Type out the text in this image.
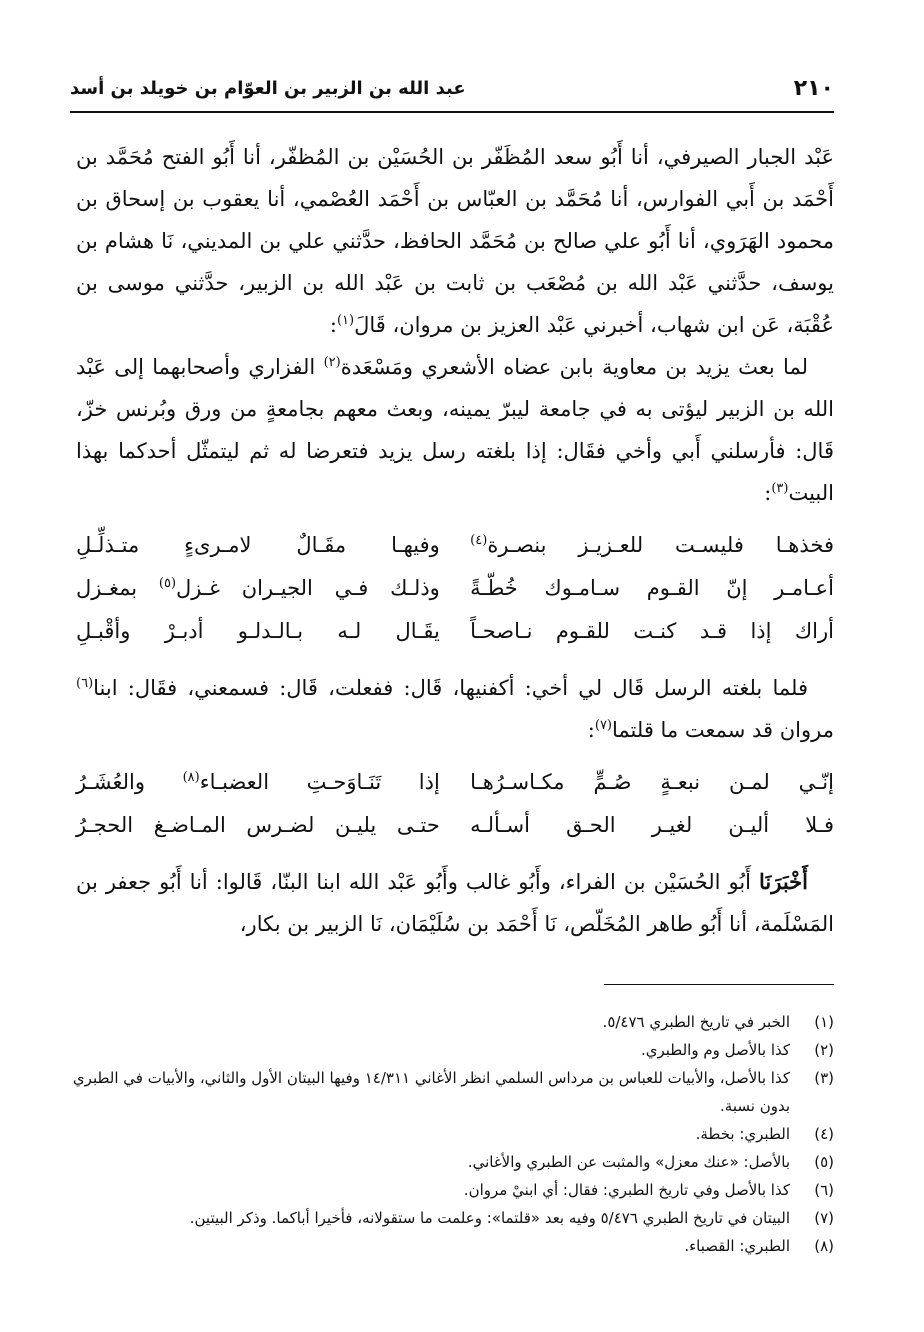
٢١٠
عبد الله بن الزبير بن العوّام بن خويلد بن أسد

عَبْد الجبار الصيرفي، أنا أَبُو سعد المُظَفّر بن الحُسَيْن بن المُظفّر، أنا أَبُو الفتح مُحَمَّد بن أَحْمَد بن أَبي الفوارس، أنا مُحَمَّد بن العبّاس بن أَحْمَد العُصْمي، أنا يعقوب بن إسحاق بن محمود الهَرَوي، أنا أَبُو علي صالح بن مُحَمَّد الحافظ، حدَّثني علي بن المديني، نَا هشام بن يوسف، حدَّثني عَبْد الله بن مُصْعَب بن ثابت بن عَبْد الله بن الزبير، حدَّثني موسى بن عُقْبَة، عَن ابن شهاب، أخبرني عَبْد العزيز بن مروان، قَالَ$^{(١)}$:

لما بعث يزيد بن معاوية بابن عضاه الأشعري ومَسْعَدة$^{(٢)}$ الفزاري وأصحابهما إلى عَبْد الله بن الزبير ليؤتى به في جامعة ليبرّ يمينه، وبعث معهم بجامعةٍ من ورق وبُرنس خزّ، قَال: فأرسلني أَبي وأخي فقَال: إذا بلغته رسل يزيد فتعرضا له ثم ليتمثّل أحدكما بهذا البيت$^{(٣)}$:

فخذهـا فليسـت للعـزيـز بنصـرة$^{(٤)}$
وفيهـا مقَـالٌ لامـرىءٍ متـذلِّـلِ
أعـامـر إنّ القـوم سـامـوك خُطّـةً
وذلـك فـي الجيـران غـزل$^{(٥)}$ بمغـزل
أراك إذا قـد كنـت للقـوم نـاصحـاً
يقَـال لـه بـالـدلـو أدبـرْ وأقْبـلِ

فلما بلغته الرسل قَال لي أخي: أكفنيها، قَال: ففعلت، قَال: فسمعني، فقَال: ابنا$^{(٦)}$ مروان قد سمعت ما قلتما$^{(٧)}$:

إنّـي لمـن نبعـةٍ صُـمٍّ مكـاسـرُهـا
إذا تَنَـاوَحـتِ العضبـاء$^{(٨)}$ والعُشَـرُ
فـلا أليـن لغيـر الحـق أسـألـه
حتـى يليـن لضـرس المـاضـغ الحجـرُ

أَخْبَرَنَا أَبُو الحُسَيْن بن الفراء، وأَبُو غالب وأَبُو عَبْد الله ابنا البنّا، قَالوا: أنا أَبُو جعفر بن المَسْلَمة، أنا أَبُو طاهر المُخَلّص، نَا أَحْمَد بن سُلَيْمَان، نَا الزبير بن بكار،

(١)
الخبر في تاريخ الطبري ٥/٤٧٦.
(٢)
كذا بالأصل وم والطبري.
(٣)
كذا بالأصل، والأبيات للعباس بن مرداس السلمي انظر الأغاني ١٤/٣١١ وفيها البيتان الأول والثاني، والأبيات في الطبري بدون نسبة.
(٤)
الطبري: بخطة.
(٥)
بالأصل: «عنك معزل» والمثبت عن الطبري والأغاني.
(٦)
كذا بالأصل وفي تاريخ الطبري: فقال: أي ابنيْ مروان.
(٧)
البيتان في تاريخ الطبري ٥/٤٧٦ وفيه بعد «قلتما»: وعلمت ما ستقولانه، فأخيرا أباكما. وذكر البيتين.
(٨)
الطبري: القصباء.
